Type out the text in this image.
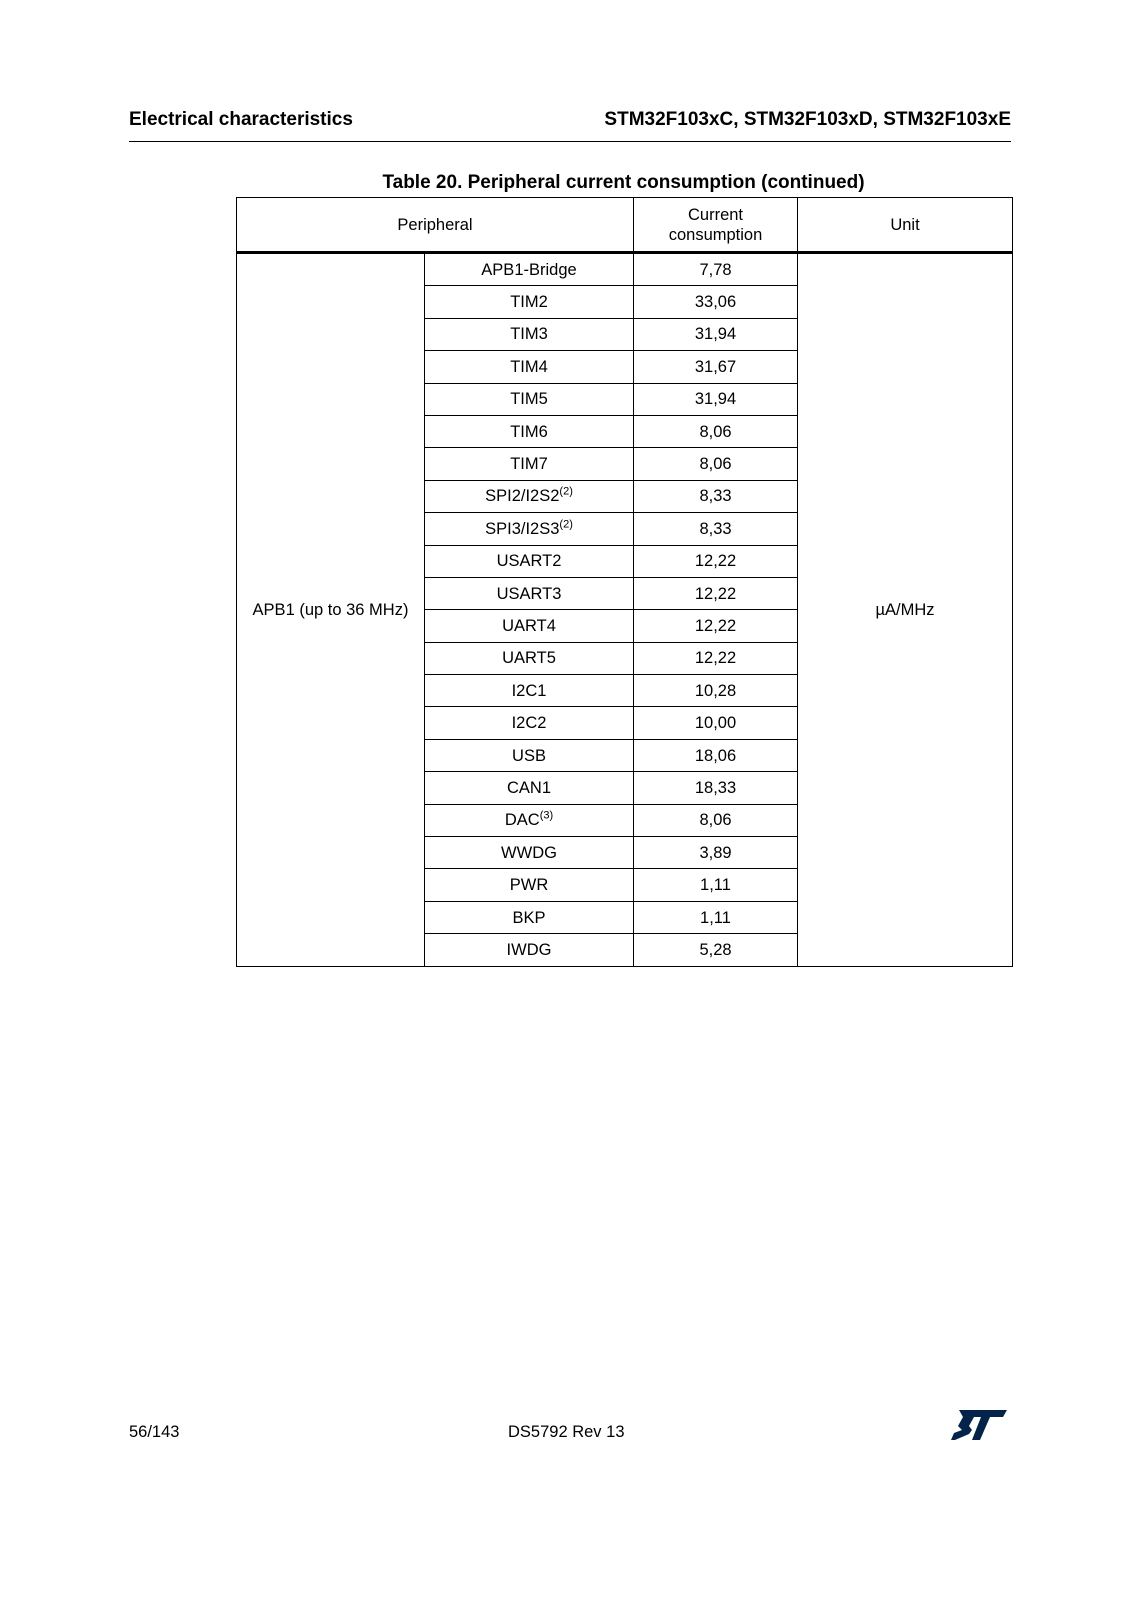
Electrical characteristics	STM32F103xC, STM32F103xD, STM32F103xE
Table 20. Peripheral current consumption (continued)
Peripheral		Current
consumption	Unit
APB1 (up to 36 MHz)	APB1-Bridge	7,78	µA/MHz
	TIM2	33,06	
	TIM3	31,94	
	TIM4	31,67	
	TIM5	31,94	
	TIM6	8,06	
	TIM7	8,06	
	SPI2/I2S2$^{(2)}$	8,33	
	SPI3/I2S3$^{(2)}$	8,33	
	USART2	12,22	
	USART3	12,22	
	UART4	12,22	
	UART5	12,22	
	I2C1	10,28	
	I2C2	10,00	
	USB	18,06	
	CAN1	18,33	
	DAC$^{(3)}$	8,06	
	WWDG	3,89	
	PWR	1,11	
	BKP	1,11	
	IWDG	5,28	
56/143	DS5792 Rev 13
